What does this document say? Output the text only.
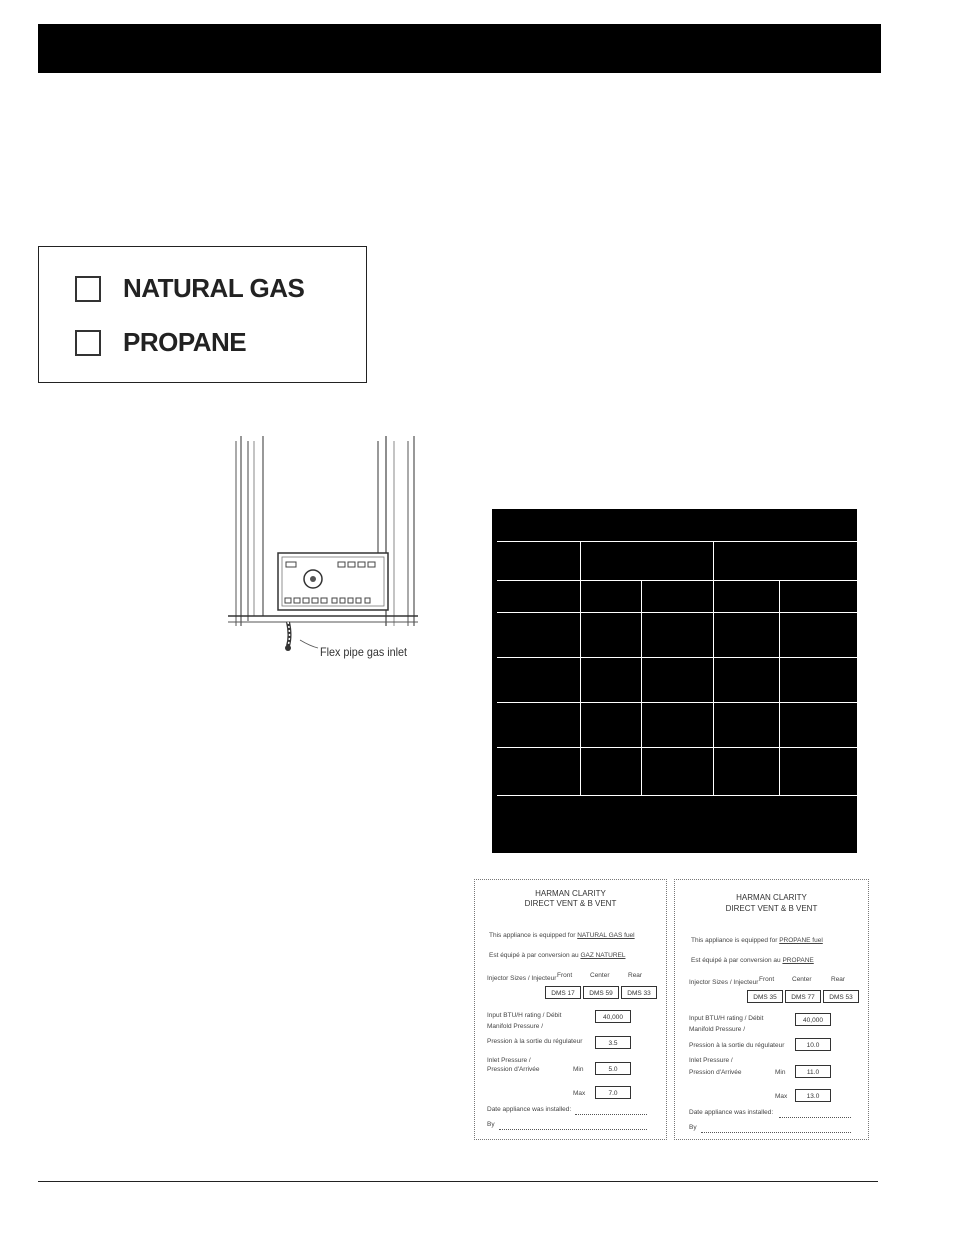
NATURAL GAS
PROPANE
Flex pipe gas inlet
HARMAN CLARITY
DIRECT VENT & B VENT
This appliance is equipped for NATURAL GAS fuel
Est équipé à par conversion au GAZ NATUREL
Injector Sizes / Injecteur Front	Center	Rear
DMS 17	DMS 59	DMS 33
Input BTU/H rating / Débit	40,000
Manifold Pressure /
Pression à la sortie du régulateur	3.5
Inlet Pressure /
Pression d'Arrivée	Min	5.0
Max	7.0
Date appliance was installed:
By
HARMAN CLARITY
DIRECT VENT & B VENT
This appliance is equipped for PROPANE fuel
Est équipé à par conversion au PROPANE
Injector Sizes / Injecteur Front	Center	Rear
DMS 35	DMS 77	DMS 53
Input BTU/H rating / Débit	40,000
Manifold Pressure /
Pression à la sortie du régulateur	10.0
Inlet Pressure /
Pression d'Arrivée	Min	11.0
Max	13.0
Date appliance was installed:
By
